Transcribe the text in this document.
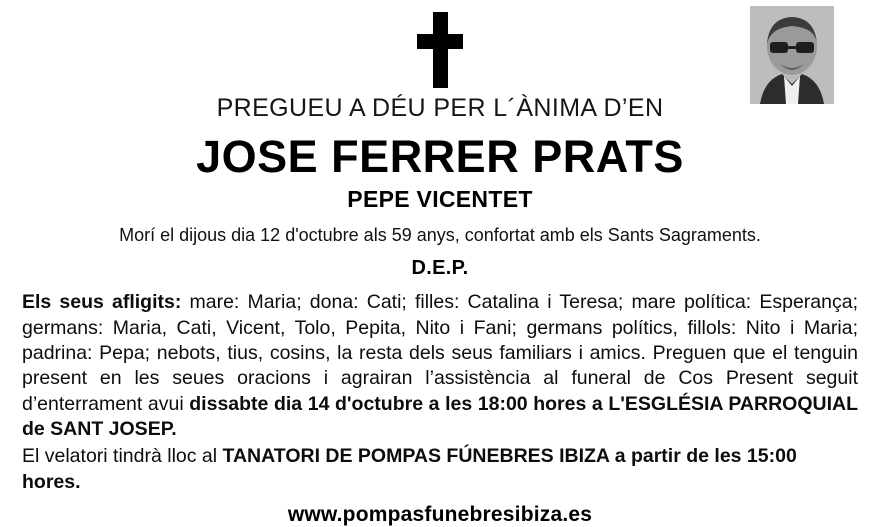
PREGUEU A DÉU PER L´ÀNIMA D’EN
JOSE FERRER PRATS
PEPE VICENTET
Morí el dijous dia 12 d'octubre als 59 anys, confortat amb els Sants Sagraments.
D.E.P.
Els seus afligits: mare: Maria; dona: Cati; filles: Catalina i Teresa; mare política: Esperança; germans: Maria, Cati, Vicent, Tolo, Pepita, Nito i Fani; germans polítics, fillols: Nito i Maria; padrina: Pepa; nebots, tius, cosins, la resta dels seus familiars i amics. Preguen que el tenguin present en les seues oracions i agrairan l’assistència al funeral de Cos Present seguit d’enterrament avui dissabte dia 14 d'octubre a les 18:00 hores a L'ESGLÉSIA PARROQUIAL de SANT JOSEP.
El velatori tindrà lloc al TANATORI DE POMPAS FÚNEBRES IBIZA a partir de les 15:00 hores.
www.pompasfunebresibiza.es
